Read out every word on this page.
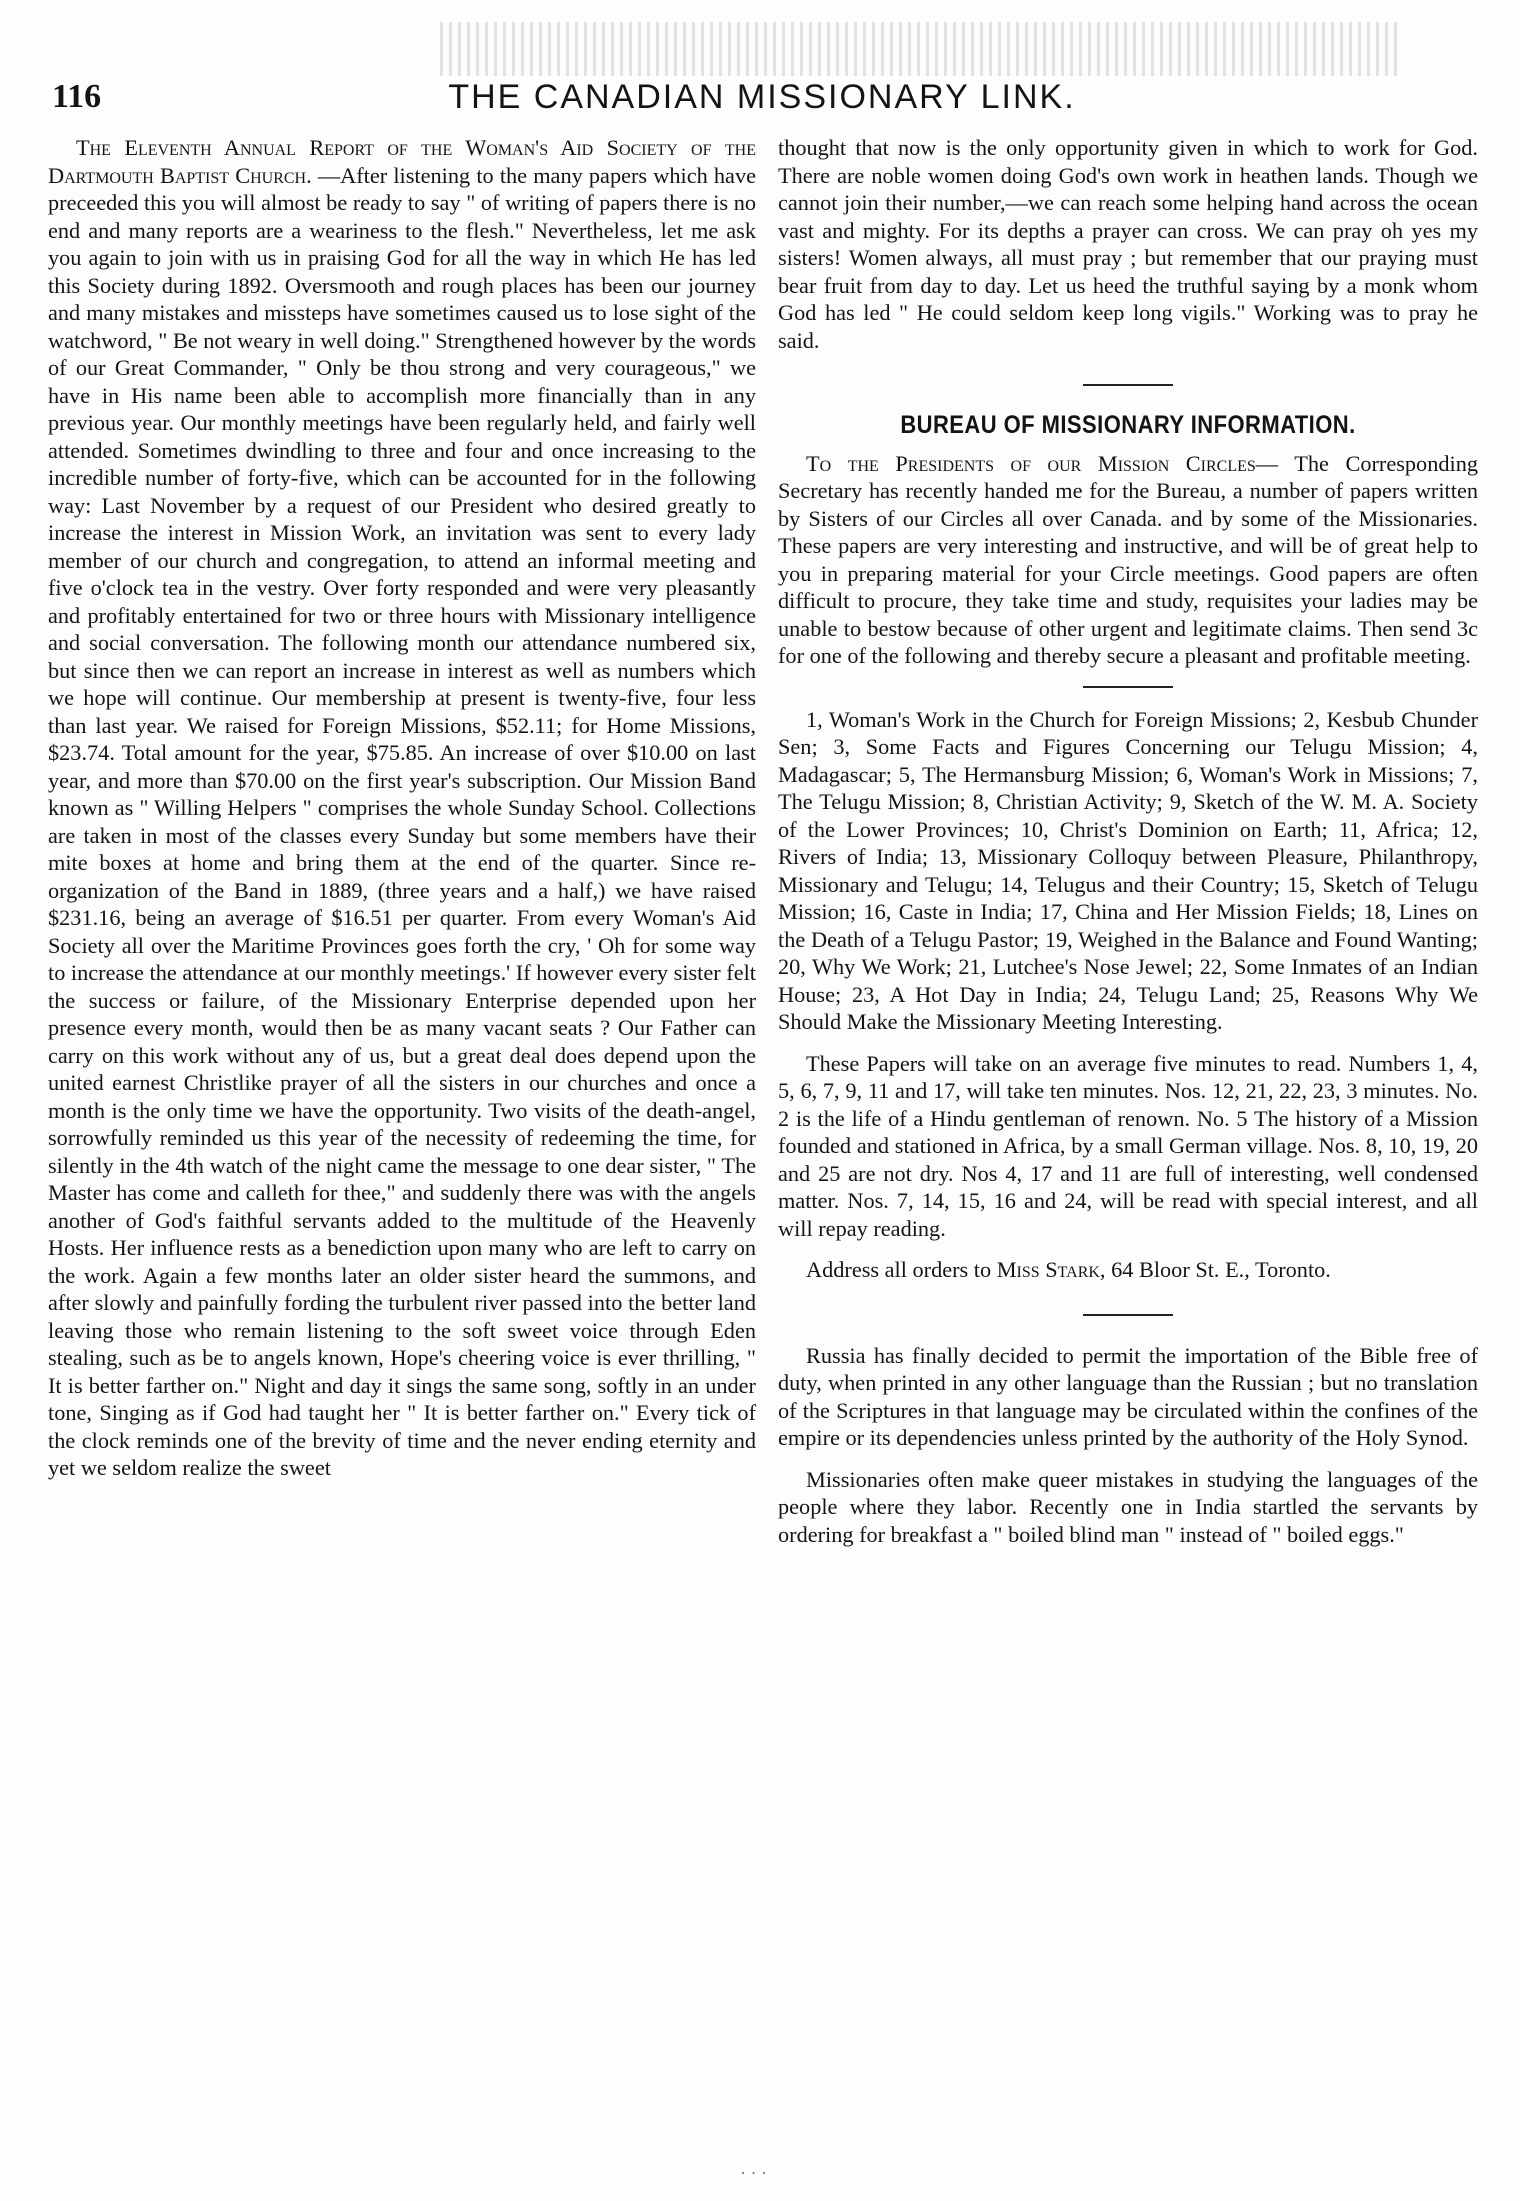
116	THE CANADIAN MISSIONARY LINK.

The Eleventh Annual Report of the Woman's Aid Society of the Dartmouth Baptist Church. —After listening to the many papers which have preceeded this you will almost be ready to say " of writing of papers there is no end and many reports are a weariness to the flesh." Nevertheless, let me ask you again to join with us in praising God for all the way in which He has led this Society during 1892. Oversmooth and rough places has been our journey and many mistakes and missteps have sometimes caused us to lose sight of the watchword, " Be not weary in well doing." Strengthened however by the words of our Great Commander, " Only be thou strong and very courageous," we have in His name been able to accomplish more financially than in any previous year. Our monthly meetings have been regularly held, and fairly well attended. Sometimes dwindling to three and four and once increasing to the incredible number of forty-five, which can be accounted for in the following way: Last November by a request of our President who desired greatly to increase the interest in Mission Work, an invitation was sent to every lady member of our church and congregation, to attend an informal meeting and five o'clock tea in the vestry. Over forty responded and were very pleasantly and profitably entertained for two or three hours with Missionary intelligence and social conversation. The following month our attendance numbered six, but since then we can report an increase in interest as well as numbers which we hope will continue. Our membership at present is twenty-five, four less than last year. We raised for Foreign Missions, $52.11; for Home Missions, $23.74. Total amount for the year, $75.85. An increase of over $10.00 on last year, and more than $70.00 on the first year's subscription. Our Mission Band known as " Willing Helpers " comprises the whole Sunday School. Collections are taken in most of the classes every Sunday but some members have their mite boxes at home and bring them at the end of the quarter. Since re-organization of the Band in 1889, (three years and a half,) we have raised $231.16, being an average of $16.51 per quarter. From every Woman's Aid Society all over the Maritime Provinces goes forth the cry, ' Oh for some way to increase the attendance at our monthly meetings.' If however every sister felt the success or failure, of the Missionary Enterprise depended upon her presence every month, would then be as many vacant seats ? Our Father can carry on this work without any of us, but a great deal does depend upon the united earnest Christlike prayer of all the sisters in our churches and once a month is the only time we have the opportunity. Two visits of the death-angel, sorrowfully reminded us this year of the necessity of redeeming the time, for silently in the 4th watch of the night came the message to one dear sister, " The Master has come and calleth for thee," and suddenly there was with the angels another of God's faithful servants added to the multitude of the Heavenly Hosts. Her influence rests as a benediction upon many who are left to carry on the work. Again a few months later an older sister heard the summons, and after slowly and painfully fording the turbulent river passed into the better land leaving those who remain listening to the soft sweet voice through Eden stealing, such as be to angels known, Hope's cheering voice is ever thrilling, " It is better farther on." Night and day it sings the same song, softly in an under tone, Singing as if God had taught her " It is better farther on." Every tick of the clock reminds one of the brevity of time and the never ending eternity and yet we seldom realize the sweet

thought that now is the only opportunity given in which to work for God. There are noble women doing God's own work in heathen lands. Though we cannot join their number,—we can reach some helping hand across the ocean vast and mighty. For its depths a prayer can cross. We can pray oh yes my sisters! Women always, all must pray ; but remember that our praying must bear fruit from day to day. Let us heed the truthful saying by a monk whom God has led " He could seldom keep long vigils." Working was to pray he said.

BUREAU OF MISSIONARY INFORMATION.

To the Presidents of our Mission Circles— The Corresponding Secretary has recently handed me for the Bureau, a number of papers written by Sisters of our Circles all over Canada. and by some of the Missionaries. These papers are very interesting and instructive, and will be of great help to you in preparing material for your Circle meetings. Good papers are often difficult to procure, they take time and study, requisites your ladies may be unable to bestow because of other urgent and legitimate claims. Then send 3c for one of the following and thereby secure a pleasant and profitable meeting.

1, Woman's Work in the Church for Foreign Missions; 2, Kesbub Chunder Sen; 3, Some Facts and Figures Concerning our Telugu Mission; 4, Madagascar; 5, The Hermansburg Mission; 6, Woman's Work in Missions; 7, The Telugu Mission; 8, Christian Activity; 9, Sketch of the W. M. A. Society of the Lower Provinces; 10, Christ's Dominion on Earth; 11, Africa; 12, Rivers of India; 13, Missionary Colloquy between Pleasure, Philanthropy, Missionary and Telugu; 14, Telugus and their Country; 15, Sketch of Telugu Mission; 16, Caste in India; 17, China and Her Mission Fields; 18, Lines on the Death of a Telugu Pastor; 19, Weighed in the Balance and Found Wanting; 20, Why We Work; 21, Lutchee's Nose Jewel; 22, Some Inmates of an Indian House; 23, A Hot Day in India; 24, Telugu Land; 25, Reasons Why We Should Make the Missionary Meeting Interesting.

These Papers will take on an average five minutes to read. Numbers 1, 4, 5, 6, 7, 9, 11 and 17, will take ten minutes. Nos. 12, 21, 22, 23, 3 minutes. No. 2 is the life of a Hindu gentleman of renown. No. 5 The history of a Mission founded and stationed in Africa, by a small German village. Nos. 8, 10, 19, 20 and 25 are not dry. Nos 4, 17 and 11 are full of interesting, well condensed matter. Nos. 7, 14, 15, 16 and 24, will be read with special interest, and all will repay reading.

Address all orders to Miss Stark, 64 Bloor St. E., Toronto.

Russia has finally decided to permit the importation of the Bible free of duty, when printed in any other language than the Russian ; but no translation of the Scriptures in that language may be circulated within the confines of the empire or its dependencies unless printed by the authority of the Holy Synod.

Missionaries often make queer mistakes in studying the languages of the people where they labor. Recently one in India startled the servants by ordering for breakfast a " boiled blind man " instead of " boiled eggs."

˙ ˙ ˙
